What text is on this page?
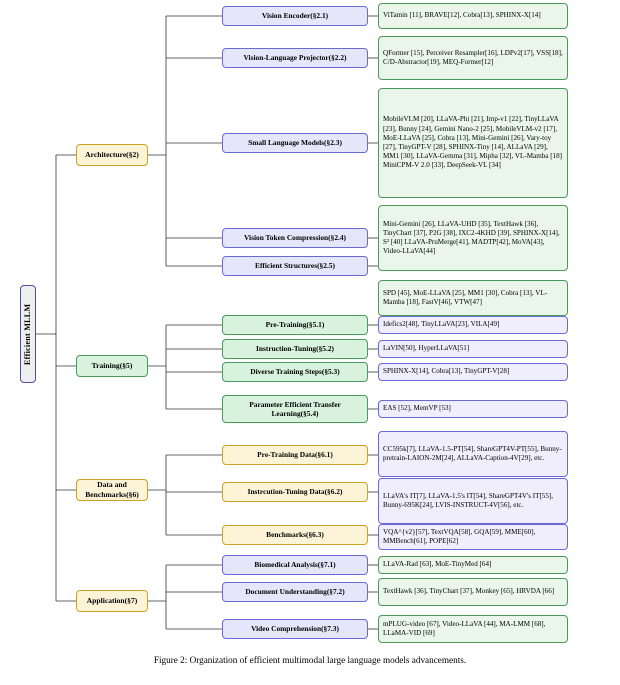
Efficient MLLM
Architecture(§2)
Training(§5)
Data and Benchmarks(§6)
Application(§7)
Vision Encoder(§2.1)
Vision-Language Projector(§2.2)
Small Language Models(§2.3)
Vision Token Compression(§2.4)
Efficient Structures(§2.5)
Pre-Training(§5.1)
Instruction-Tuning(§5.2)
Diverse Training Steps(§5.3)
Parameter Efficient Transfer Learning(§5.4)
Pre-Training Data(§6.1)
Instrcution-Tuning Data(§6.2)
Benchmarks(§6.3)
Biomedical Analysis(§7.1)
Document Understanding(§7.2)
Video Comprehension(§7.3)
ViTamin [11], BRAVE[12], Cobra[13], SPHINX-X[14]
QFormer [15], Perceiver Resampler[16], LDPv2[17], VSS[18], C/D-Abstractor[19], MEQ-Former[12]
MobileVLM [20], LLaVA-Phi [21], Imp-v1 [22], TinyLLaVA [23], Bunny [24], Gemini Nano-2 [25], MobileVLM-v2 [17], MoE-LLaVA [25], Cobra [13], Mini-Gemini [26], Vary-toy [27], TinyGPT-V [28], SPHINX-Tiny [14], ALLaVA [29], MM1 [30], LLaVA-Gemma [31], Mipha [32], VL-Mamba [18] MiniCPM-V 2.0 [33], DeepSeek-VL [34]
Mini-Gemini [26], LLaVA-UHD [35], TextHawk [36], TinyChart [37], P2G [38], IXC2-4KHD [39], SPHINX-X[14], S² [40] LLaVA-PruMerge[41], MADTP[42], MoVA[43], Video-LLaVA[44]
SPD [45], MoE-LLaVA [25], MM1 [30], Cobra [13], VL-Mamba [18], FastV[46], VTW[47]
Idefics2[48], TinyLLaVA[23], VILA[49]
LaVIN[50], HyperLLaVA[51]
SPHINX-X[14], Cobra[13], TinyGPT-V[28]
EAS [52], MemVP [53]
CC595k[7], LLaVA-1.5-PT[54], ShareGPT4V-PT[55], Bunny-pretrain-LAION-2M[24], ALLaVA-Caption-4V[29], etc.
LLaVA's IT[7], LLaVA-1.5's IT[54], ShareGPT4V's IT[55], Bunny-695K[24], LVIS-INSTRUCT-4V[56], etc.
VQA^{v2}[57], TextVQA[58], GQA[59], MME[60], MMBench[61], POPE[62]
LLaVA-Rad [63], MoE-TinyMed [64]
TextHawk [36], TinyChart [37], Monkey [65], HRVDA [66]
mPLUG-video [67], Video-LLaVA [44], MA-LMM [68], LLaMA-VID [69]
Figure 2: Organization of efficient multimodal large language models advancements.
